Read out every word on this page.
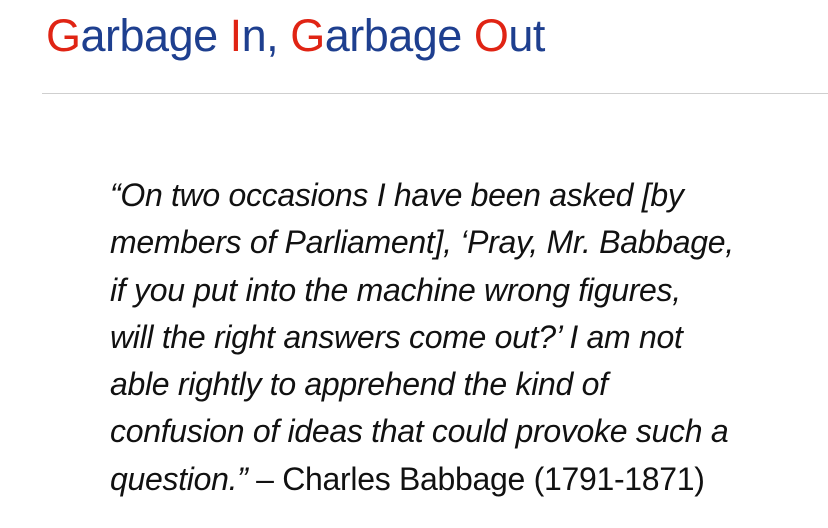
Garbage In, Garbage Out
“On two occasions I have been asked [by
members of Parliament], ‘Pray, Mr. Babbage,
if you put into the machine wrong figures,
will the right answers come out?’ I am not
able rightly to apprehend the kind of
confusion of ideas that could provoke such a
question.” – Charles Babbage (1791-1871)
